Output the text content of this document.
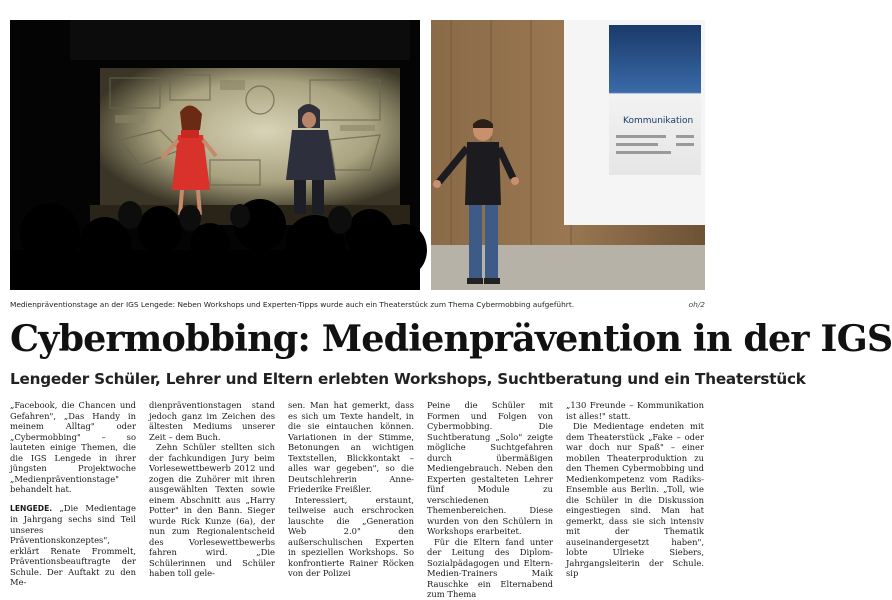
Kommunikation
Medienpräventionstage an der IGS Lengede: Neben Workshops und Experten-Tipps wurde auch ein Theaterstück zum Thema Cybermobbing aufgeführt.	oh/2
Cybermobbing: Medienprävention in der IGS
Lengeder Schüler, Lehrer und Eltern erlebten Workshops, Suchtberatung und ein Theaterstück

„Facebook, die Chancen und Gefahren", „Das Handy in meinem Alltag" oder „Cybermobbing" – so lauteten einige Themen, die die IGS Lengede in ihrer jüngsten Projektwoche „Medienpräventionstage" behandelt hat.

LENGEDE. „Die Medientage in Jahrgang sechs sind Teil unseres Präventionskonzeptes", erklärt Renate Frommelt, Präventionsbeauftragte der Schule. Der Auftakt zu den Me-

dienpräventionstagen stand jedoch ganz im Zeichen des ältesten Mediums unserer Zeit – dem Buch.

Zehn Schüler stellten sich der fachkundigen Jury beim Vorlesewettbewerb 2012 und zogen die Zuhörer mit ihren ausgewählten Texten sowie einem Abschnitt aus „Harry Potter" in den Bann. Sieger wurde Rick Kunze (6a), der nun zum Regionalentscheid des Vorlesewettbewerbs fahren wird. „Die Schülerinnen und Schüler haben toll gele-

sen. Man hat gemerkt, dass es sich um Texte handelt, in die sie eintauchen können. Variationen in der Stimme, Betonungen an wichtigen Textstellen, Blickkontakt – alles war gegeben", so die Deutschlehrerin Anne-Friederike Freißler.

Interessiert, erstaunt, teilweise auch erschrocken lauschte die „Generation Web 2.0" den außerschulischen Experten in speziellen Workshops. So konfrontierte Rainer Röcken von der Polizei

Peine die Schüler mit Formen und Folgen von Cybermobbing. Die Suchtberatung „Solo" zeigte mögliche Suchtgefahren durch übermäßigen Mediengebrauch. Neben den Experten gestalteten Lehrer fünf Module zu verschiedenen Themenbereichen. Diese wurden von den Schülern in Workshops erarbeitet.

Für die Eltern fand unter der Leitung des Diplom-Sozialpädagogen und Eltern-Medien-Trainers Maik Rauschke ein Elternabend zum Thema

„130 Freunde – Kommunikation ist alles!" statt.

Die Medientage endeten mit dem Theaterstück „Fake – oder war doch nur Spaß" – einer mobilen Theaterproduktion zu den Themen Cybermobbing und Medienkompetenz vom Radiks-Ensemble aus Berlin. „Toll, wie die Schüler in die Diskussion eingestiegen sind. Man hat gemerkt, dass sie sich intensiv mit der Thematik auseinandergesetzt haben", lobte Ulrieke Siebers, Jahrgangsleiterin der Schule. sip
